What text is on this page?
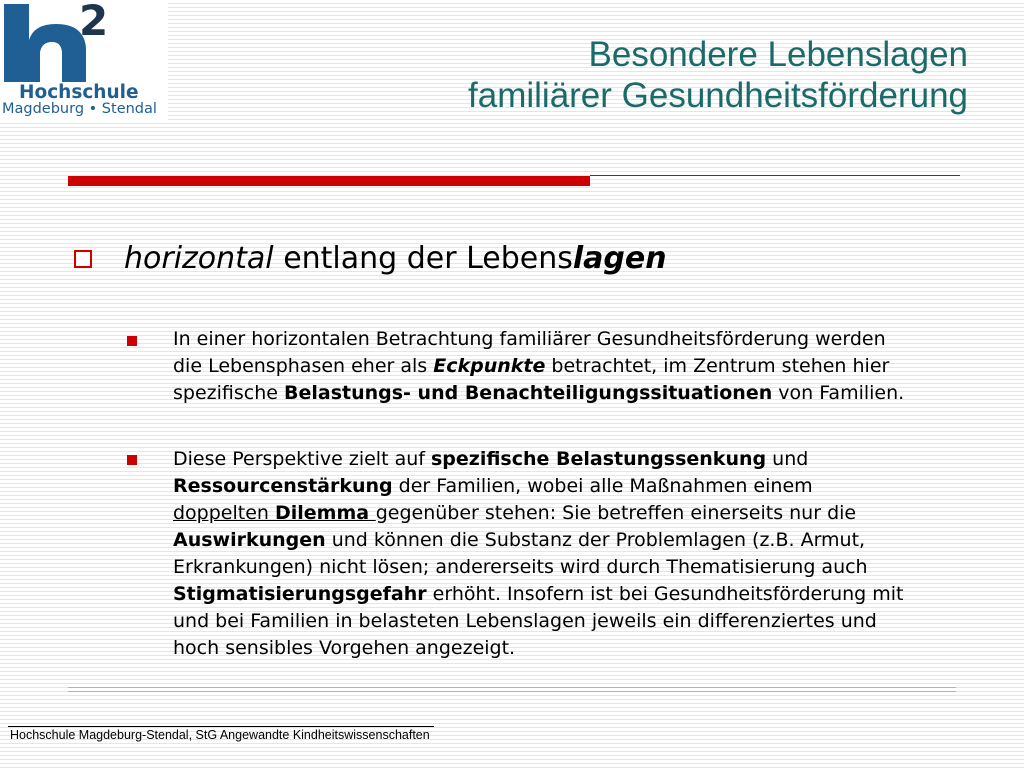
2
Hochschule
Magdeburg • Stendal
Besondere Lebenslagen
familiärer Gesundheitsförderung
horizontal entlang der Lebenslagen
In einer horizontalen Betrachtung familiärer Gesundheitsförderung werden
die Lebensphasen eher als Eckpunkte betrachtet, im Zentrum stehen hier
spezifische Belastungs- und Benachteiligungssituationen von Familien.
Diese Perspektive zielt auf spezifische Belastungssenkung und
Ressourcenstärkung der Familien, wobei alle Maßnahmen einem
doppelten Dilemma gegenüber stehen: Sie betreffen einerseits nur die
Auswirkungen und können die Substanz der Problemlagen (z.B. Armut,
Erkrankungen) nicht lösen; andererseits wird durch Thematisierung auch
Stigmatisierungsgefahr erhöht. Insofern ist bei Gesundheitsförderung mit
und bei Familien in belasteten Lebenslagen jeweils ein differenziertes und
hoch sensibles Vorgehen angezeigt.
Hochschule Magdeburg-Stendal, StG Angewandte Kindheitswissenschaften
